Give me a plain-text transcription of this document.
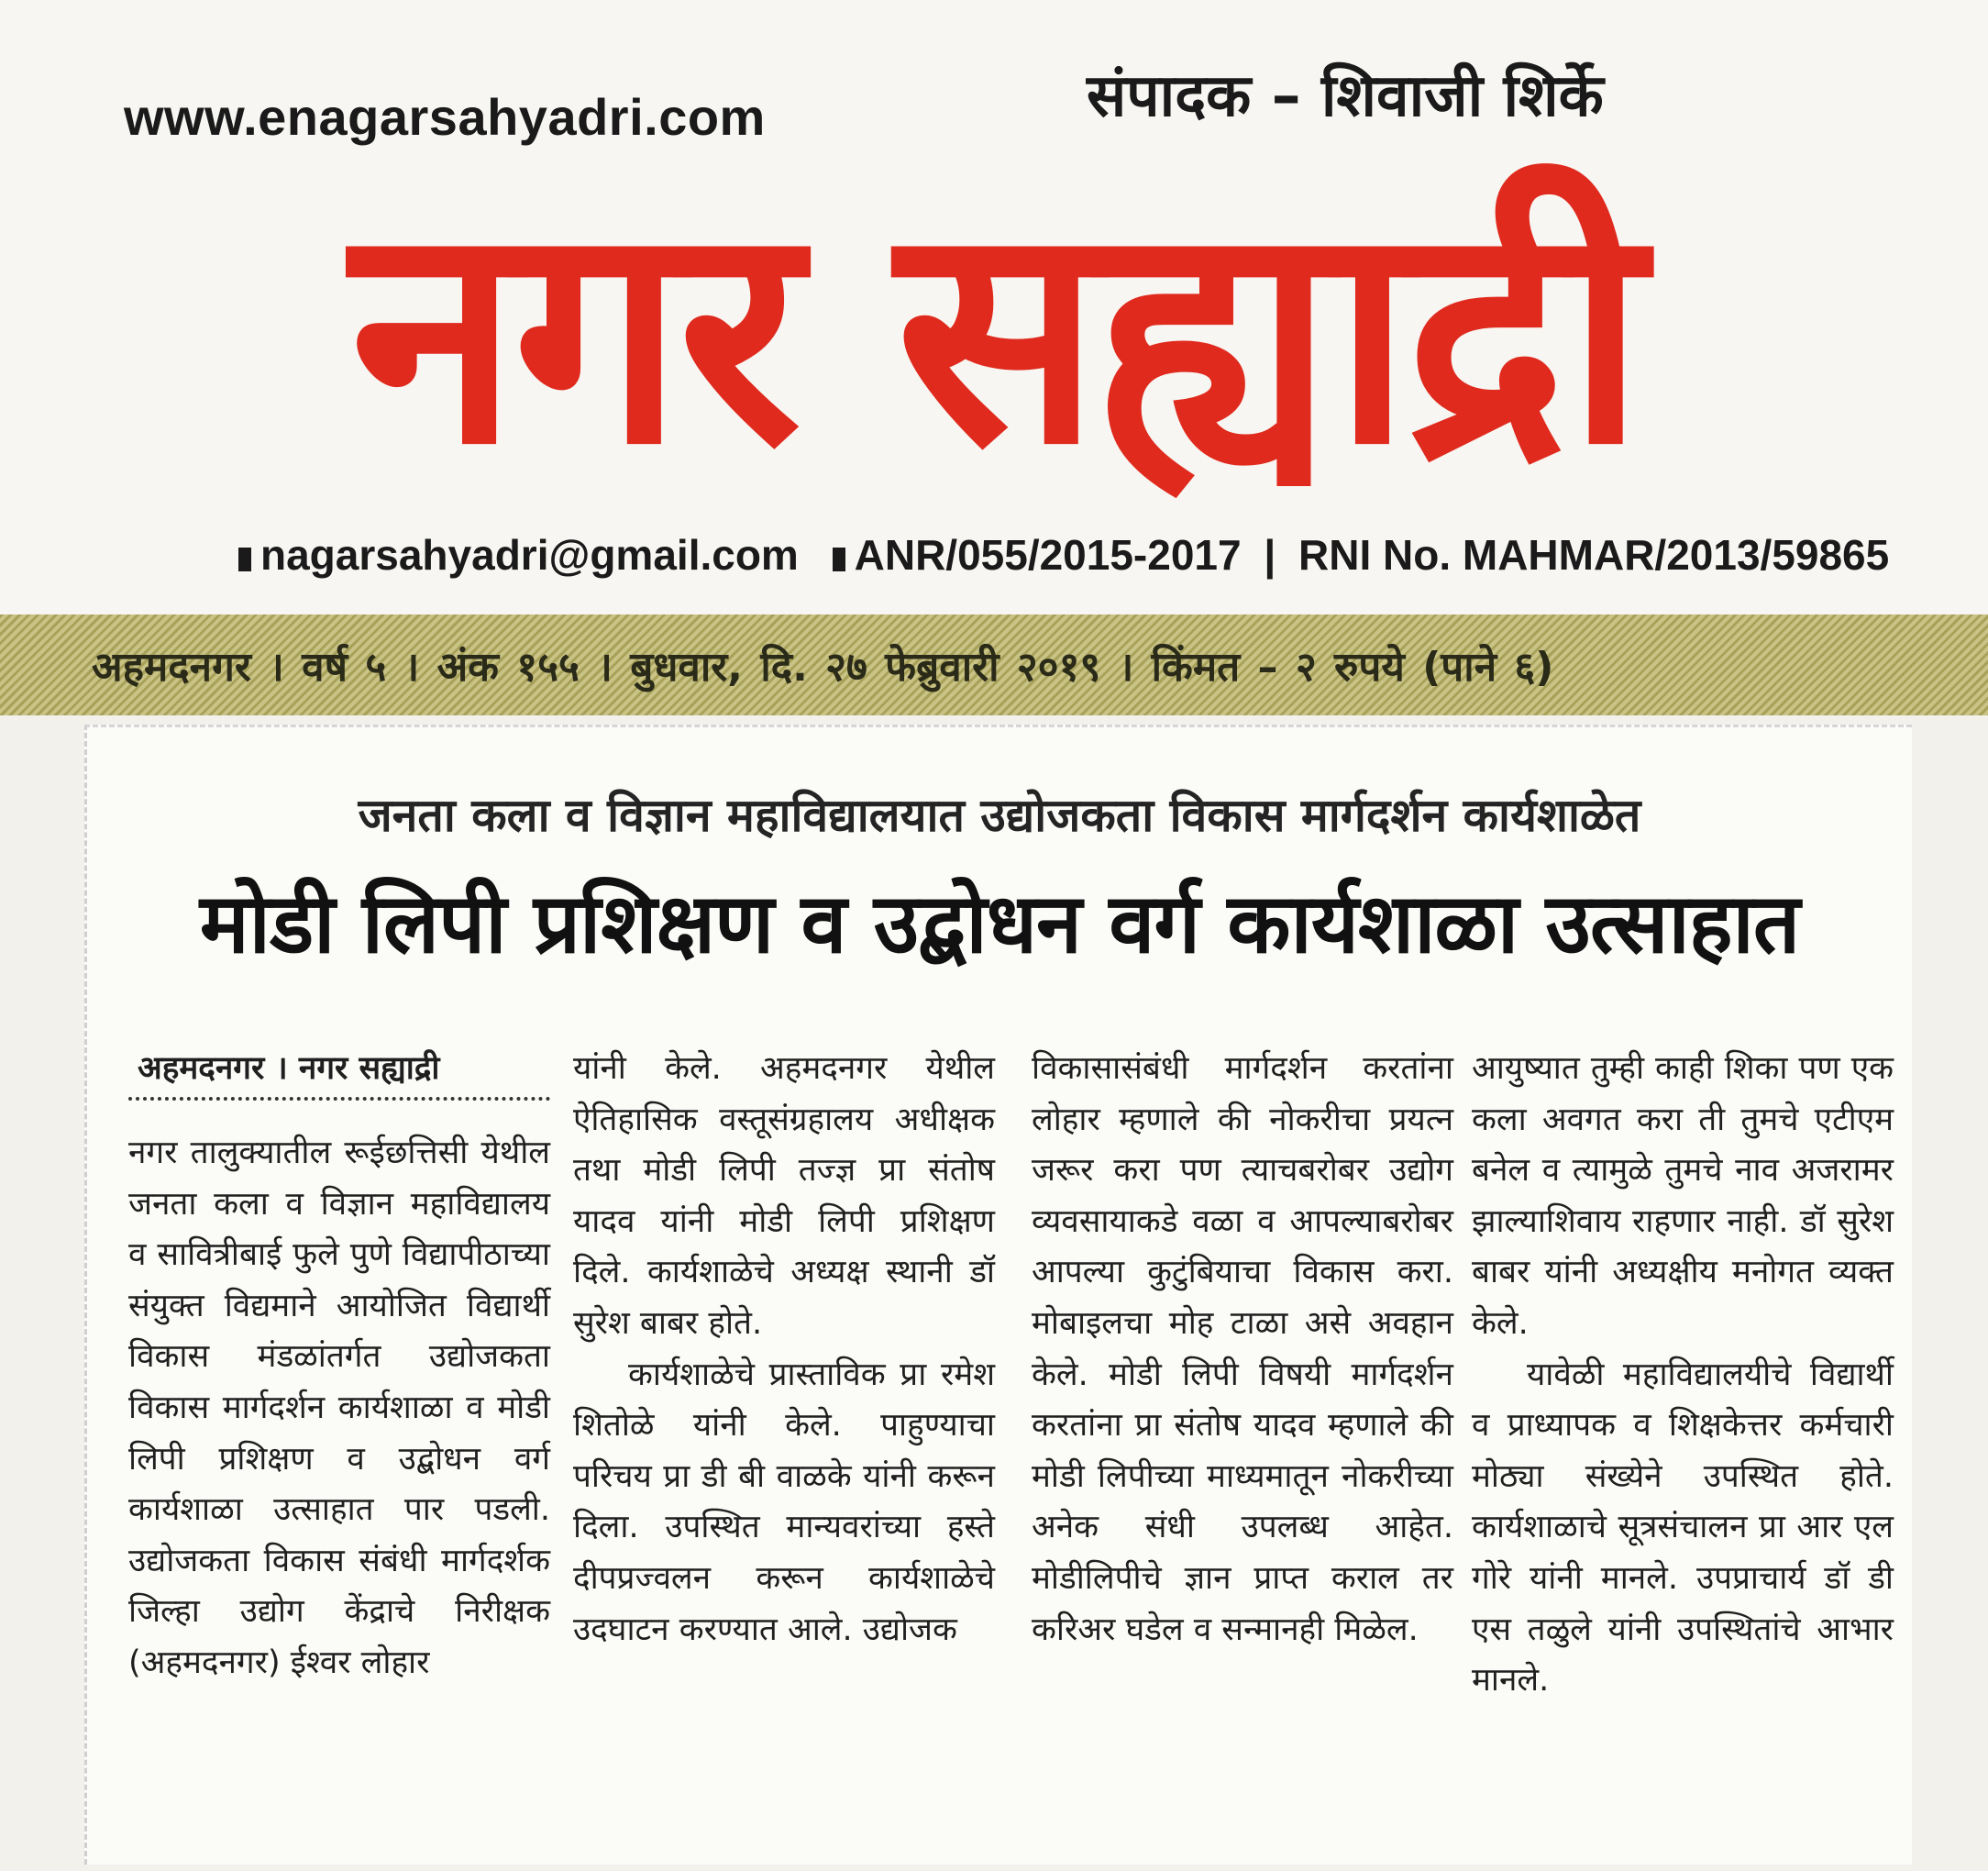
www.enagarsahyadri.com	संपादक – शिवाजी शिर्के
नगर सह्याद्री
nagarsahyadri@gmail.com ANR/055/2015-2017 | RNI No. MAHMAR/2013/59865
अहमदनगर । वर्ष ५ । अंक १५५ । बुधवार, दि. २७ फेब्रुवारी २०१९ । किंमत – २ रुपये (पाने ६)
जनता कला व विज्ञान महाविद्यालयात उद्योजकता विकास मार्गदर्शन कार्यशाळेत
मोडी लिपी प्रशिक्षण व उद्बोधन वर्ग कार्यशाळा उत्साहात
अहमदनगर । नगर सह्याद्री

नगर तालुक्यातील रूईछत्तिसी येथील जनता कला व विज्ञान महाविद्यालय व सावित्रीबाई फुले पुणे विद्यापीठाच्या संयुक्त विद्यमाने आयोजित विद्यार्थी विकास मंडळांतर्गत उद्योजकता विकास मार्गदर्शन कार्यशाळा व मोडी लिपी प्रशिक्षण व उद्बोधन वर्ग कार्यशाळा उत्साहात पार पडली. उद्योजकता विकास संबंधी मार्गदर्शक जिल्हा उद्योग केंद्राचे निरीक्षक (अहमदनगर) ईश्वर लोहार

यांनी केले. अहमदनगर येथील ऐतिहासिक वस्तूसंग्रहालय अधीक्षक तथा मोडी लिपी तज्ज्ञ प्रा संतोष यादव यांनी मोडी लिपी प्रशिक्षण दिले. कार्यशाळेचे अध्यक्ष स्थानी डॉ सुरेश बाबर होते.

कार्यशाळेचे प्रास्ताविक प्रा रमेश शितोळे यांनी केले. पाहुण्याचा परिचय प्रा डी बी वाळके यांनी करून दिला. उपस्थित मान्यवरांच्या हस्ते दीपप्रज्वलन करून कार्यशाळेचे उदघाटन करण्यात आले. उद्योजक

विकासासंबंधी मार्गदर्शन करतांना लोहार म्हणाले की नोकरीचा प्रयत्न जरूर करा पण त्याचबरोबर उद्योग व्यवसायाकडे वळा व आपल्याबरोबर आपल्या कुटुंबियाचा विकास करा. मोबाइलचा मोह टाळा असे अवहान केले. मोडी लिपी विषयी मार्गदर्शन करतांना प्रा संतोष यादव म्हणाले की मोडी लिपीच्या माध्यमातून नोकरीच्या अनेक संधी उपलब्ध आहेत. मोडीलिपीचे ज्ञान प्राप्त कराल तर करिअर घडेल व सन्मानही मिळेल.

आयुष्यात तुम्ही काही शिका पण एक कला अवगत करा ती तुमचे एटीएम बनेल व त्यामुळे तुमचे नाव अजरामर झाल्याशिवाय राहणार नाही. डॉ सुरेश बाबर यांनी अध्यक्षीय मनोगत व्यक्त केले.

यावेळी महाविद्यालयीचे विद्यार्थी व प्राध्यापक व शिक्षकेत्तर कर्मचारी मोठ्या संख्येने उपस्थित होते. कार्यशाळाचे सूत्रसंचालन प्रा आर एल गोरे यांनी मानले. उपप्राचार्य डॉ डी एस तळुले यांनी उपस्थितांचे आभार मानले.
